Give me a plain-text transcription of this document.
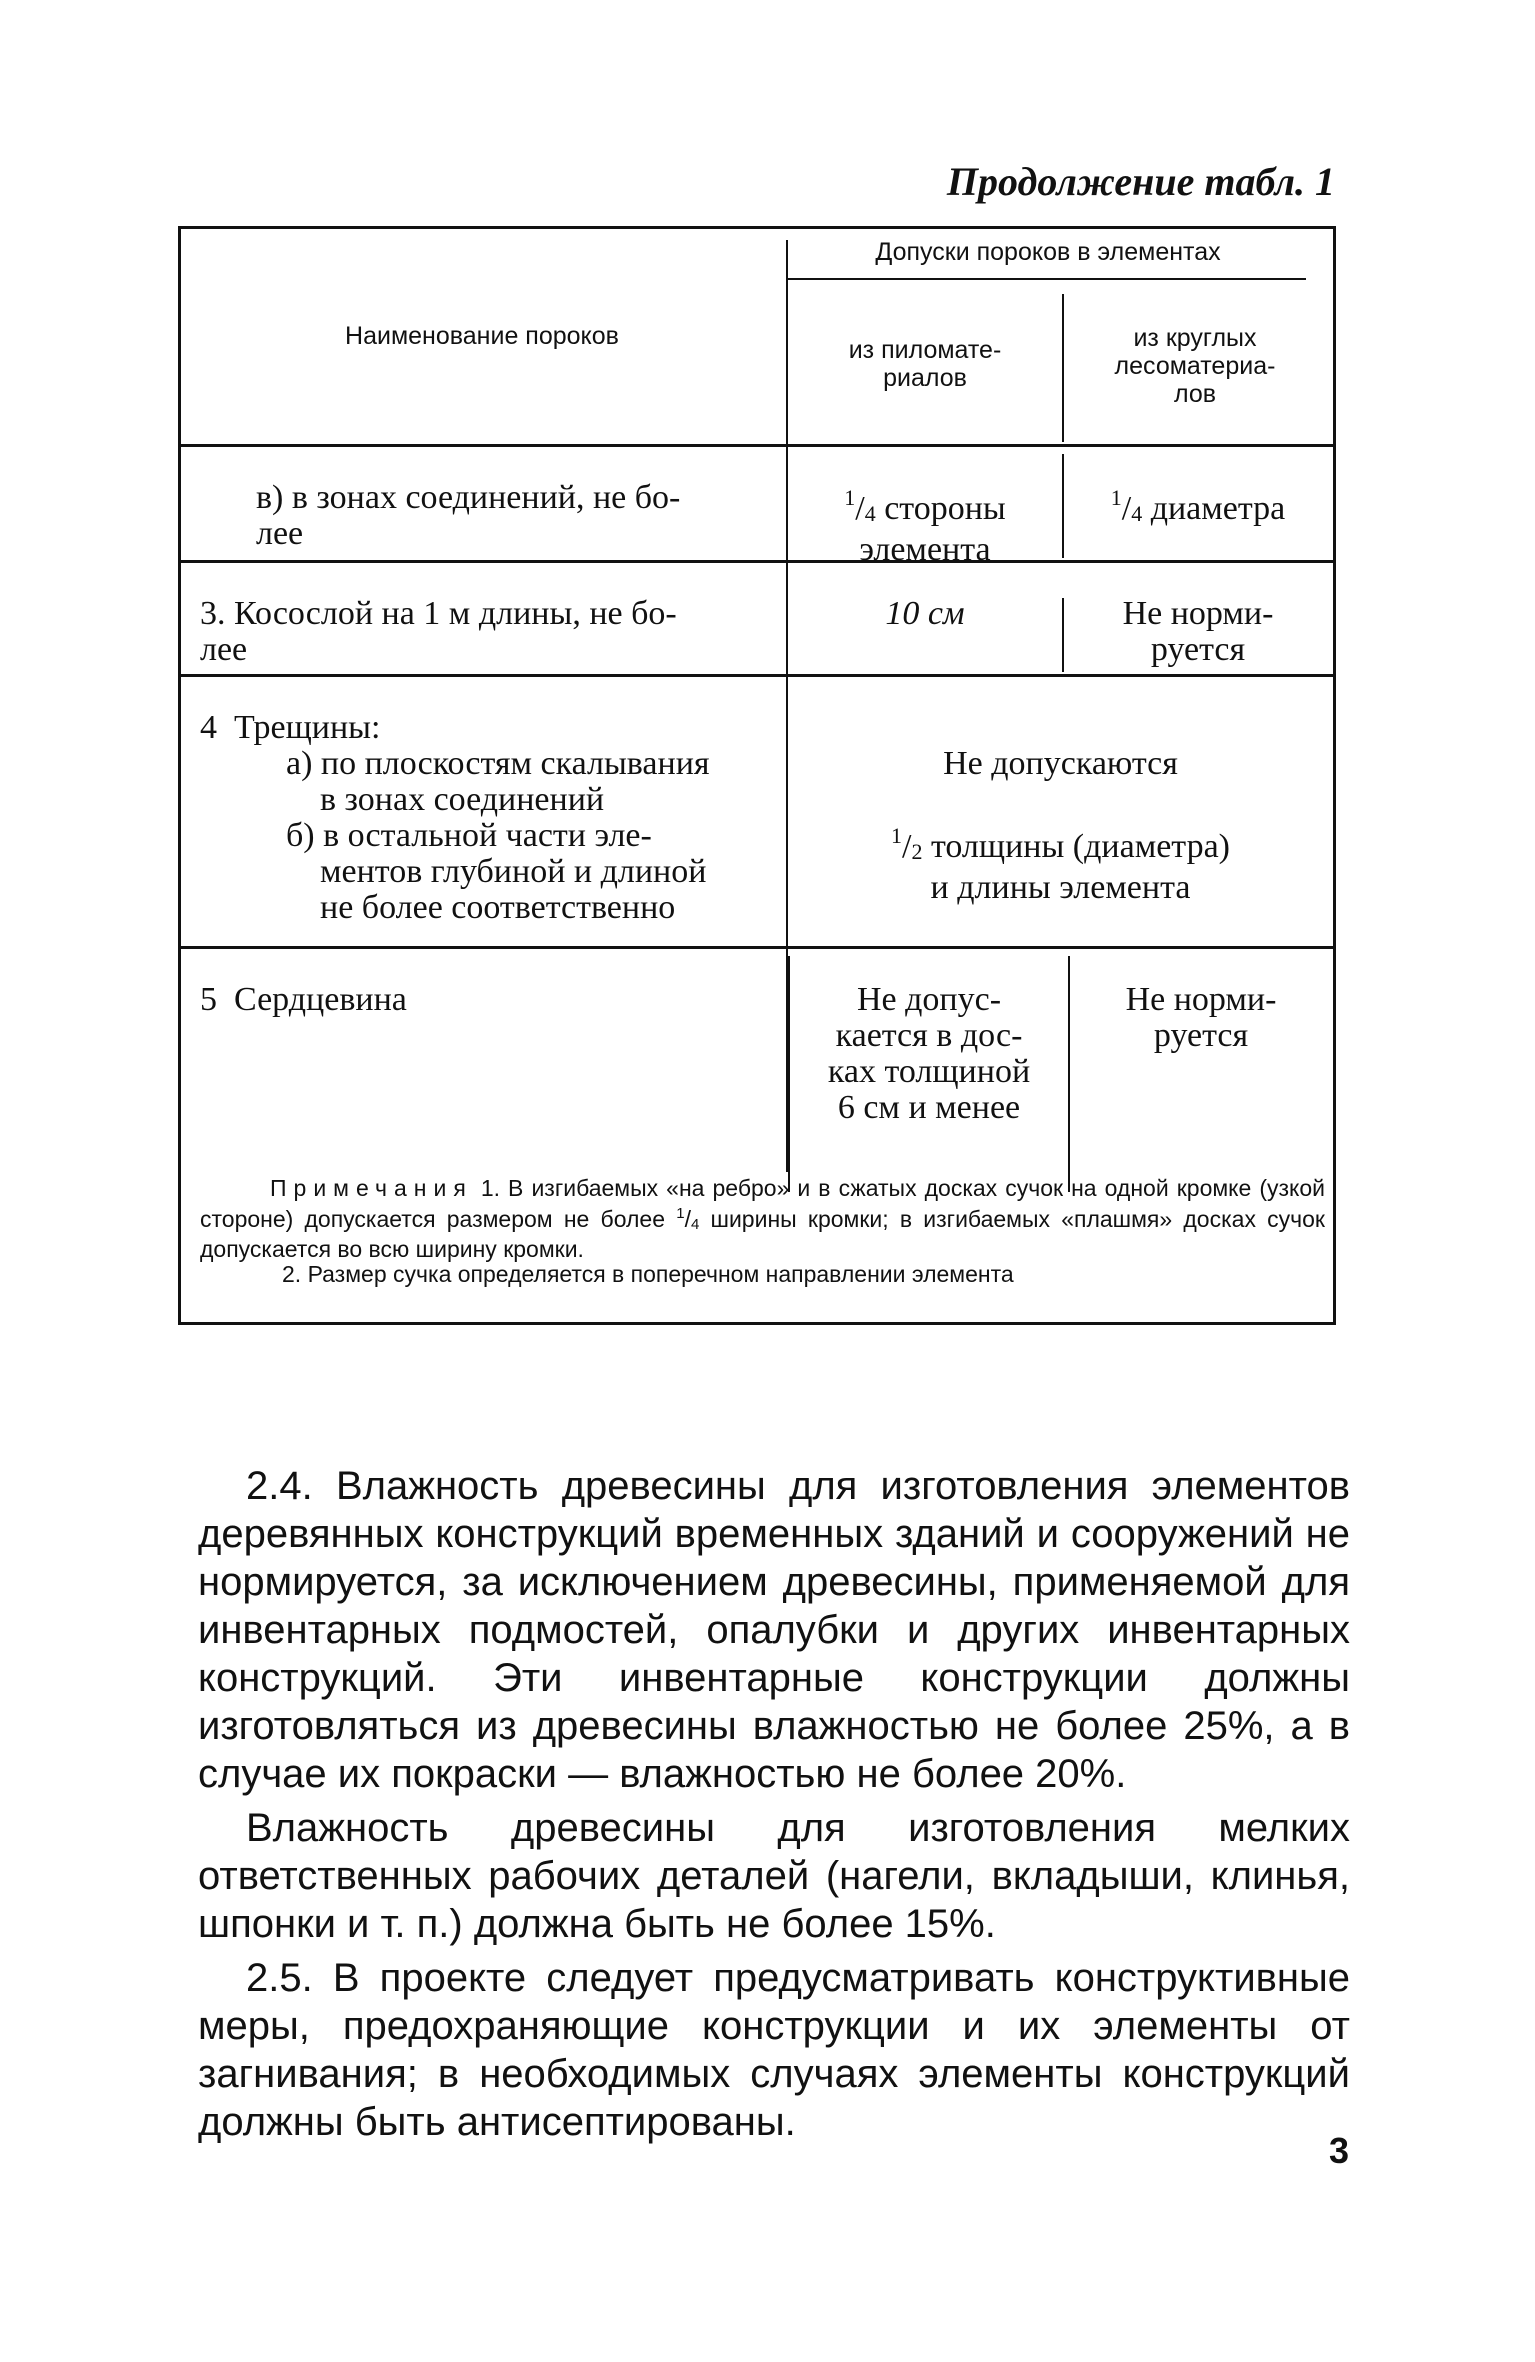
Продолжение табл. 1
Наименование пороков
Допуски пороков в элементах
из пиломате-
риалов
из круглых
лесоматериа-
лов
в) в зонах соединений, не бо-
лее
$^1/_4$ стороны
элемента
$^1/_4$ диаметра
3. Косослой на 1 м длины, не бо-
лее
10 см	Не норми-
руется
4  Трещины:
а) по плоскостям скалывания
в зонах соединений
б) в остальной части эле-
ментов глубиной и длиной
не более соответственно
Не допускаются
$^1/_2$ толщины (диаметра)
и длины элемента
5  Сердцевина	Не допус-
кается в дос-
ках толщиной
6 см и менее
Не норми-
руется
Примечания 1. В изгибаемых «на ребро» и в сжатых досках сучок на одной кромке (узкой стороне) допускается размером не более $^1/_4$ ширины кромки; в изгибаемых «плашмя» досках сучок допускается во всю ширину кромки.
2. Размер сучка определяется в поперечном направлении элемента

2.4. Влажность древесины для изготовления элементов деревянных конструкций временных зданий и сооружений не нормируется, за исключением древесины, применяемой для инвентарных подмостей, опалубки и других инвентарных конструкций. Эти инвентарные конструкции должны изготовляться из древесины влажностью не более 25%, а в случае их покраски — влажностью не более 20%.

Влажность древесины для изготовления мелких ответственных рабочих деталей (нагели, вкладыши, клинья, шпонки и т. п.) должна быть не более 15%.

2.5. В проекте следует предусматривать конструктивные меры, предохраняющие конструкции и их элементы от загнивания; в необходимых случаях элементы конструкций должны быть антисептированы.

3
